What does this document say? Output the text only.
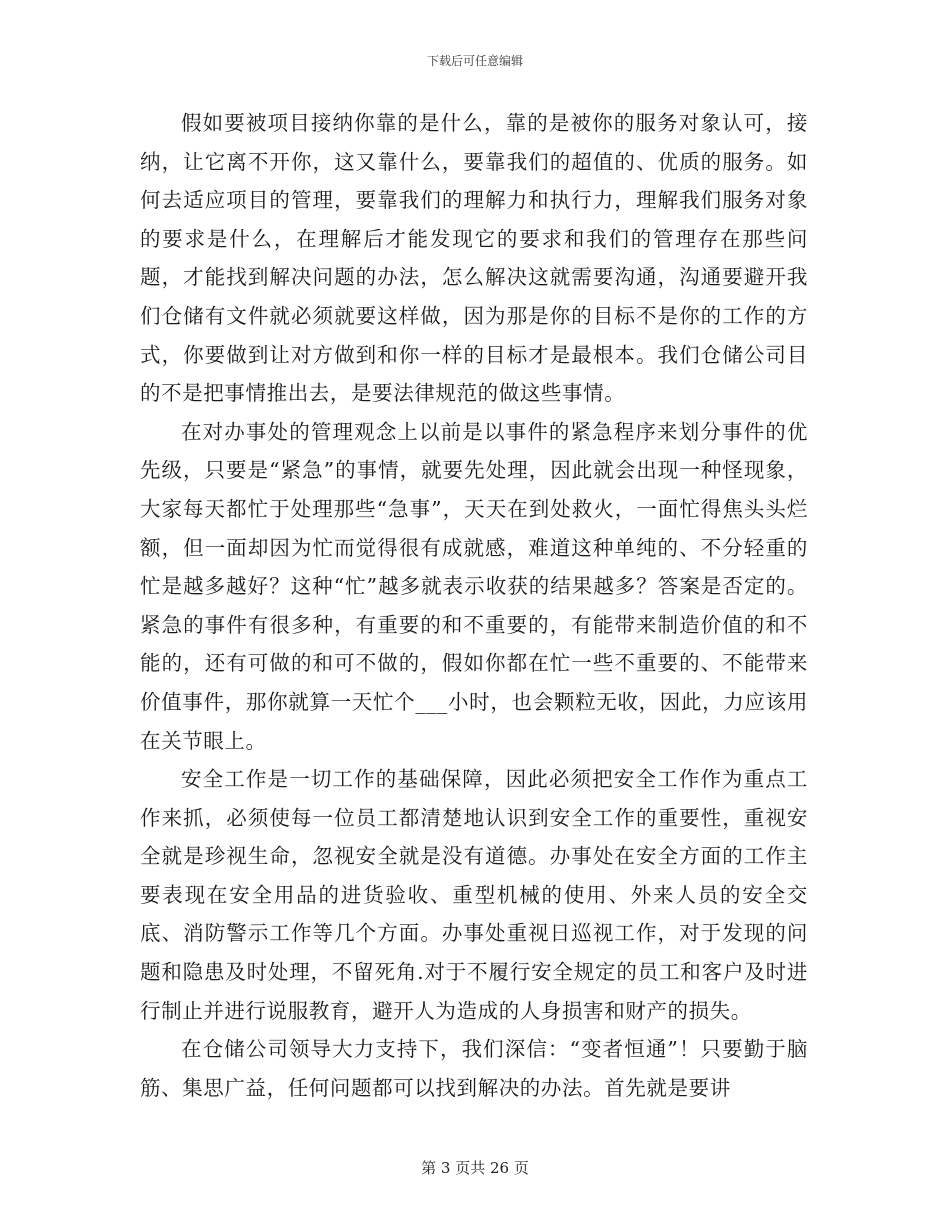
下载后可任意编辑

假如要被项目接纳你靠的是什么，靠的是被你的服务对象认可，接纳，让它离不开你，这又靠什么，要靠我们的超值的、优质的服务。如何去适应项目的管理，要靠我们的理解力和执行力，理解我们服务对象的要求是什么，在理解后才能发现它的要求和我们的管理存在那些问题，才能找到解决问题的办法，怎么解决这就需要沟通，沟通要避开我们仓储有文件就必须就要这样做，因为那是你的目标不是你的工作的方式，你要做到让对方做到和你一样的目标才是最根本。我们仓储公司目的不是把事情推出去，是要法律规范的做这些事情。

在对办事处的管理观念上以前是以事件的紧急程序来划分事件的优先级，只要是“紧急”的事情，就要先处理，因此就会出现一种怪现象，大家每天都忙于处理那些“急事”，天天在到处救火，一面忙得焦头头烂额，但一面却因为忙而觉得很有成就感，难道这种单纯的、不分轻重的忙是越多越好？这种“忙”越多就表示收获的结果越多？答案是否定的。紧急的事件有很多种，有重要的和不重要的，有能带来制造价值的和不能的，还有可做的和可不做的，假如你都在忙一些不重要的、不能带来价值事件，那你就算一天忙个___小时，也会颗粒无收，因此，力应该用在关节眼上。

安全工作是一切工作的基础保障，因此必须把安全工作作为重点工作来抓，必须使每一位员工都清楚地认识到安全工作的重要性，重视安全就是珍视生命，忽视安全就是没有道德。办事处在安全方面的工作主要表现在安全用品的进货验收、重型机械的使用、外来人员的安全交底、消防警示工作等几个方面。办事处重视日巡视工作，对于发现的问题和隐患及时处理，不留死角.对于不履行安全规定的员工和客户及时进行制止并进行说服教育，避开人为造成的人身损害和财产的损失。

在仓储公司领导大力支持下，我们深信：“变者恒通”！只要勤于脑筋、集思广益，任何问题都可以找到解决的办法。首先就是要讲

第 3 页共 26 页
